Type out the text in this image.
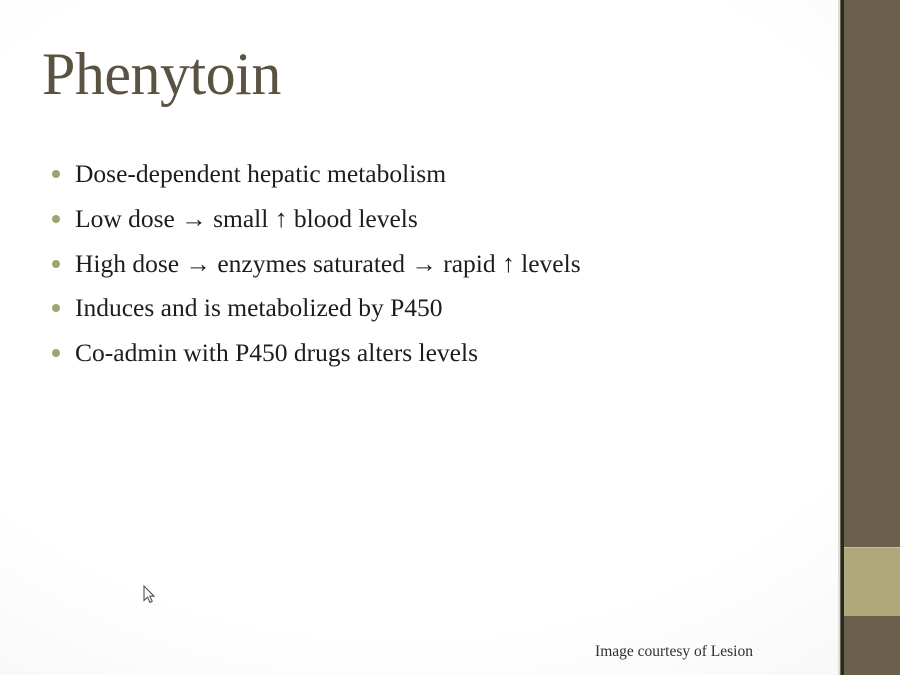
Phenytoin
Dose-dependent hepatic metabolism
Low dose → small ↑ blood levels
High dose → enzymes saturated → rapid ↑ levels
Induces and is metabolized by P450
Co-admin with P450 drugs alters levels
Image courtesy of Lesion
